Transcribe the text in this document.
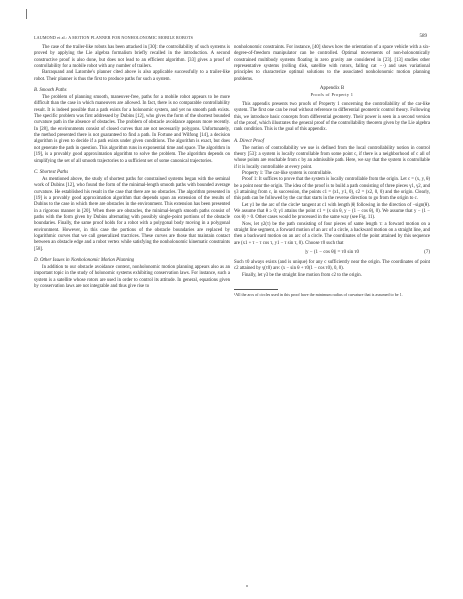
LAUMOND et al.: A MOTION PLANNER FOR NONHOLONOMIC MOBILE ROBOTS	589

The case of the trailer-like robots has been attacked in [30]: the controllability of such systems is proved by applying the Lie algebra formalism briefly recalled in the introduction. A second constructive proof is also done, but does not lead to an efficient algorithm. [33] gives a proof of controllability for a mobile robot with any number of trailers.

Barraquand and Latombe's planner cited above is also applicable successfully to a trailer-like robot. Their planner is thus the first to produce paths for such a system.

B. Smooth Paths

The problem of planning smooth, maneuver-free, paths for a mobile robot appears to be more difficult than the case in which maneuvers are allowed. In fact, there is no comparable controllability result. It is indeed possible that a path exists for a holonomic system, and yet no smooth path exists. The specific problem was first addressed by Dubins [12], who gives the form of the shortest bounded curvature path in the absence of obstacles. The problem of obstacle avoidance appears more recently. In [28], the environments consist of closed curves that are not necessarily polygons. Unfortunately, the method presented there is not guaranteed to find a path. In Fortune and Wilfong [14], a decision algorithm is given to decide if a path exists under given conditions. The algorithm is exact, but does not generate the path in question. This algorithm runs in exponential time and space. The algorithm in [19], is a provably good approximation algorithm to solve the problem. The algorithm depends on simplifying the set of all smooth trajectories to a sufficient set of some canonical trajectories.

C. Shortest Paths

As mentioned above, the study of shortest paths for constrained systems began with the seminal work of Dubins [12], who found the form of the minimal-length smooth paths with bounded average curvature. He established his result in the case that there are no obstacles. The algorithm presented in [19] is a provably good approximation algorithm that depends upon an extension of the results of Dubins to the case in which there are obstacles in the environment. This extension has been presented in a rigorous manner in [20]. When there are obstacles, the minimal-length smooth paths consist of paths with the form given by Dubins alternating with possibly single-point portions of the obstacle boundaries. Finally, the same proof holds for a robot with a polygonal body moving in a polygonal environment. However, in this case the portions of the obstacle boundaries are replaced by logarithmic curves that we call generalized tractrices. These curves are those that maintain contact between an obstacle edge and a robot vertex while satisfying the nonholonomic kinematic constraints [58].

D. Other Issues in Nonholonomic Motion Planning

In addition to our obstacle avoidance context, nonholonomic motion planning appears also as an important topic in the study of holonomic systems exhibiting conservation laws. For instance, such a system is a satellite whose rotors are used in order to control its attitude. In general, equations given by conservation laws are not integrable and thus give rise to

nonholonomic constraints. For instance, [40] shows how the orientation of a space vehicle with a six-degree-of-freedom manipulator can be controlled. Optimal movements of non-holonomically constrained multibody systems floating in zero gravity are considered in [23]. [13] studies other representative systems (rolling disk, satellite with rotors, falling cat ···) and uses variational principles to characterize optimal solutions to the associated nonholonomic motion planning problems.

Appendix B
Proofs of Property 1

This appendix presents two proofs of Property 1 concerning the controllability of the car-like system. The first one can be read without reference to differential geometric control theory. Following this, we introduce basic concepts from differential geometry. Their power is seen in a second version of the proof, which illustrates the general proof of the controllability theorem given by the Lie algebra rank condition. This is the goal of this appendix.

A. Direct Proof

The notion of controllability we use is defined from the local controllability notion in control theory [53]: a system is locally controllable from some point c, if there is a neighborhood of c all of whose points are reachable from c by an admissible path. Here, we say that the system is controllable if it is locally controllable at every point.

Property 1: The car-like system is controllable.

Proof 1: It suffices to prove that the system is locally controllable from the origin. Let c = (x, y, θ) be a point near the origin. The idea of the proof is to build a path consisting of three pieces γ1, γ2, and γ3 attaining from c, in succession, the points c1 = (x1, y1, 0), c2 = (x2, 0, 0) and the origin. Clearly, this path can be followed by the car that starts in the reverse direction to go from the origin to c.

Let γ1 be the arc of the circle¹ tangent at c1 with length |θ| following in the direction of −sign(θ). We assume that θ ≥ 0; γ1 attains the point c1 = (x sin θ, y − (1 − cos θ), 0). We assume that y − (1 − cos θ) > 0. Other cases would be processed in the same way (see Fig. 11).

Now, let γ2(τ) be the path consisting of four pieces of same length τ: a forward motion on a straight line segment, a forward motion of an arc of a circle, a backward motion on a straight line, and then a backward motion on an arc of a circle. The coordinates of the point attained by this sequence are (x1 + τ − τ cos τ, y1 − τ sin τ, 0). Choose τ0 such that

|y − (1 − cos θ)| = τ0 sin τ0	(7)

Such τ0 always exists (and is unique) for any c sufficiently near the origin. The coordinates of point c2 attained by γ(τ0) are: (x − sin θ + τ0(1 − cos τ0), 0, 0).

Finally, let γ3 be the straight line motion from c2 to the origin.

¹All the arcs of circles used in this proof have the minimum radius of curvature that is assumed to be 1.
